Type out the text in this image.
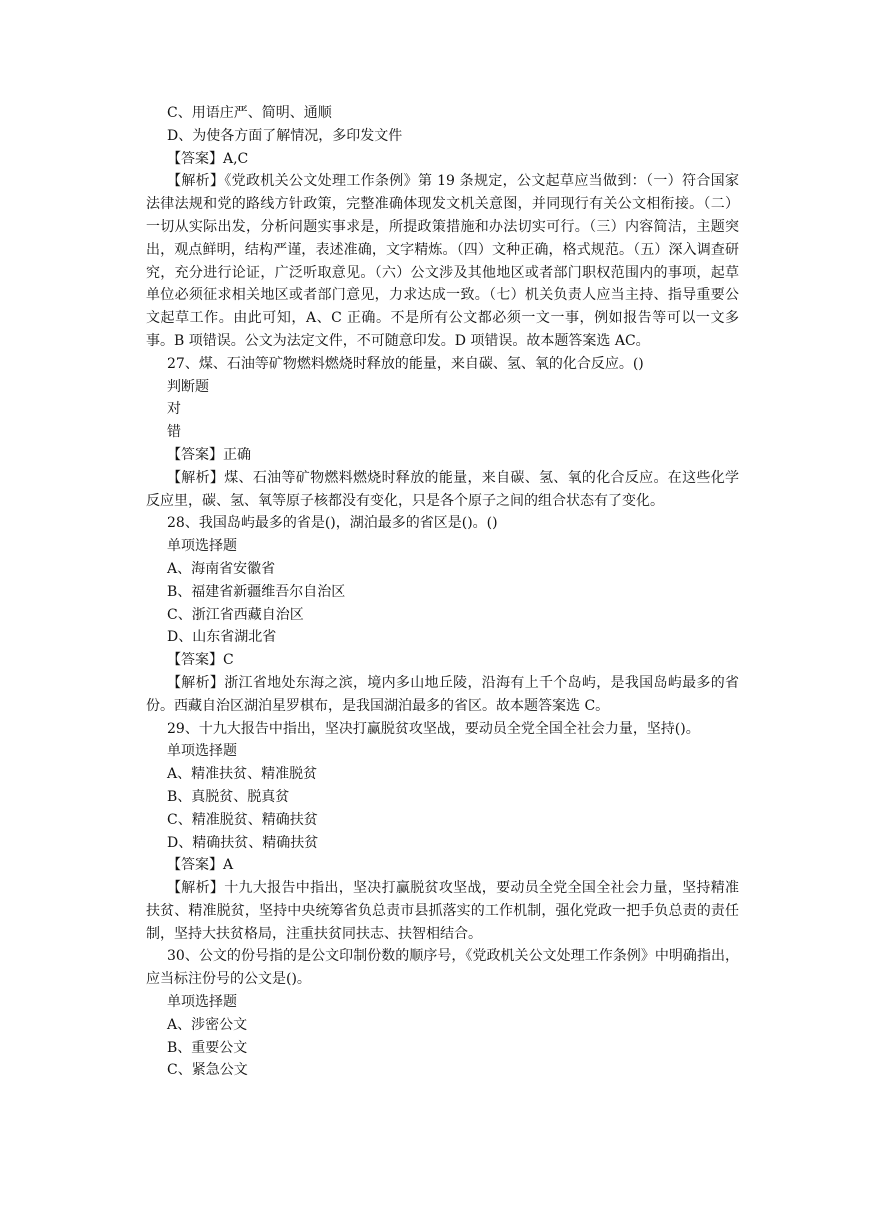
C、用语庄严、简明、通顺

D、为使各方面了解情况，多印发文件

【答案】A,C

【解析】《党政机关公文处理工作条例》第 19 条规定，公文起草应当做到：（一）符合国家法律法规和党的路线方针政策，完整准确体现发文机关意图，并同现行有关公文相衔接。（二）一切从实际出发，分析问题实事求是，所提政策措施和办法切实可行。（三）内容简洁，主题突出，观点鲜明，结构严谨，表述准确，文字精炼。（四）文种正确，格式规范。（五）深入调查研究，充分进行论证，广泛听取意见。（六）公文涉及其他地区或者部门职权范围内的事项，起草单位必须征求相关地区或者部门意见，力求达成一致。（七）机关负责人应当主持、指导重要公文起草工作。由此可知，A、C 正确。不是所有公文都必须一文一事，例如报告等可以一文多事。B 项错误。公文为法定文件，不可随意印发。D 项错误。故本题答案选 AC。

27、煤、石油等矿物燃料燃烧时释放的能量，来自碳、氢、氧的化合反应。()

判断题

对

错

【答案】正确

【解析】煤、石油等矿物燃料燃烧时释放的能量，来自碳、氢、氧的化合反应。在这些化学反应里，碳、氢、氧等原子核都没有变化，只是各个原子之间的组合状态有了变化。

28、我国岛屿最多的省是()，湖泊最多的省区是()。()

单项选择题

A、海南省安徽省

B、福建省新疆维吾尔自治区

C、浙江省西藏自治区

D、山东省湖北省

【答案】C

【解析】浙江省地处东海之滨，境内多山地丘陵，沿海有上千个岛屿，是我国岛屿最多的省份。西藏自治区湖泊星罗棋布，是我国湖泊最多的省区。故本题答案选 C。

29、十九大报告中指出，坚决打赢脱贫攻坚战，要动员全党全国全社会力量，坚持()。

单项选择题

A、精准扶贫、精准脱贫

B、真脱贫、脱真贫

C、精准脱贫、精确扶贫

D、精确扶贫、精确扶贫

【答案】A

【解析】十九大报告中指出，坚决打赢脱贫攻坚战，要动员全党全国全社会力量，坚持精准扶贫、精准脱贫，坚持中央统筹省负总责市县抓落实的工作机制，强化党政一把手负总责的责任制，坚持大扶贫格局，注重扶贫同扶志、扶智相结合。

30、公文的份号指的是公文印制份数的顺序号，《党政机关公文处理工作条例》中明确指出，应当标注份号的公文是()。

单项选择题

A、涉密公文

B、重要公文

C、紧急公文
